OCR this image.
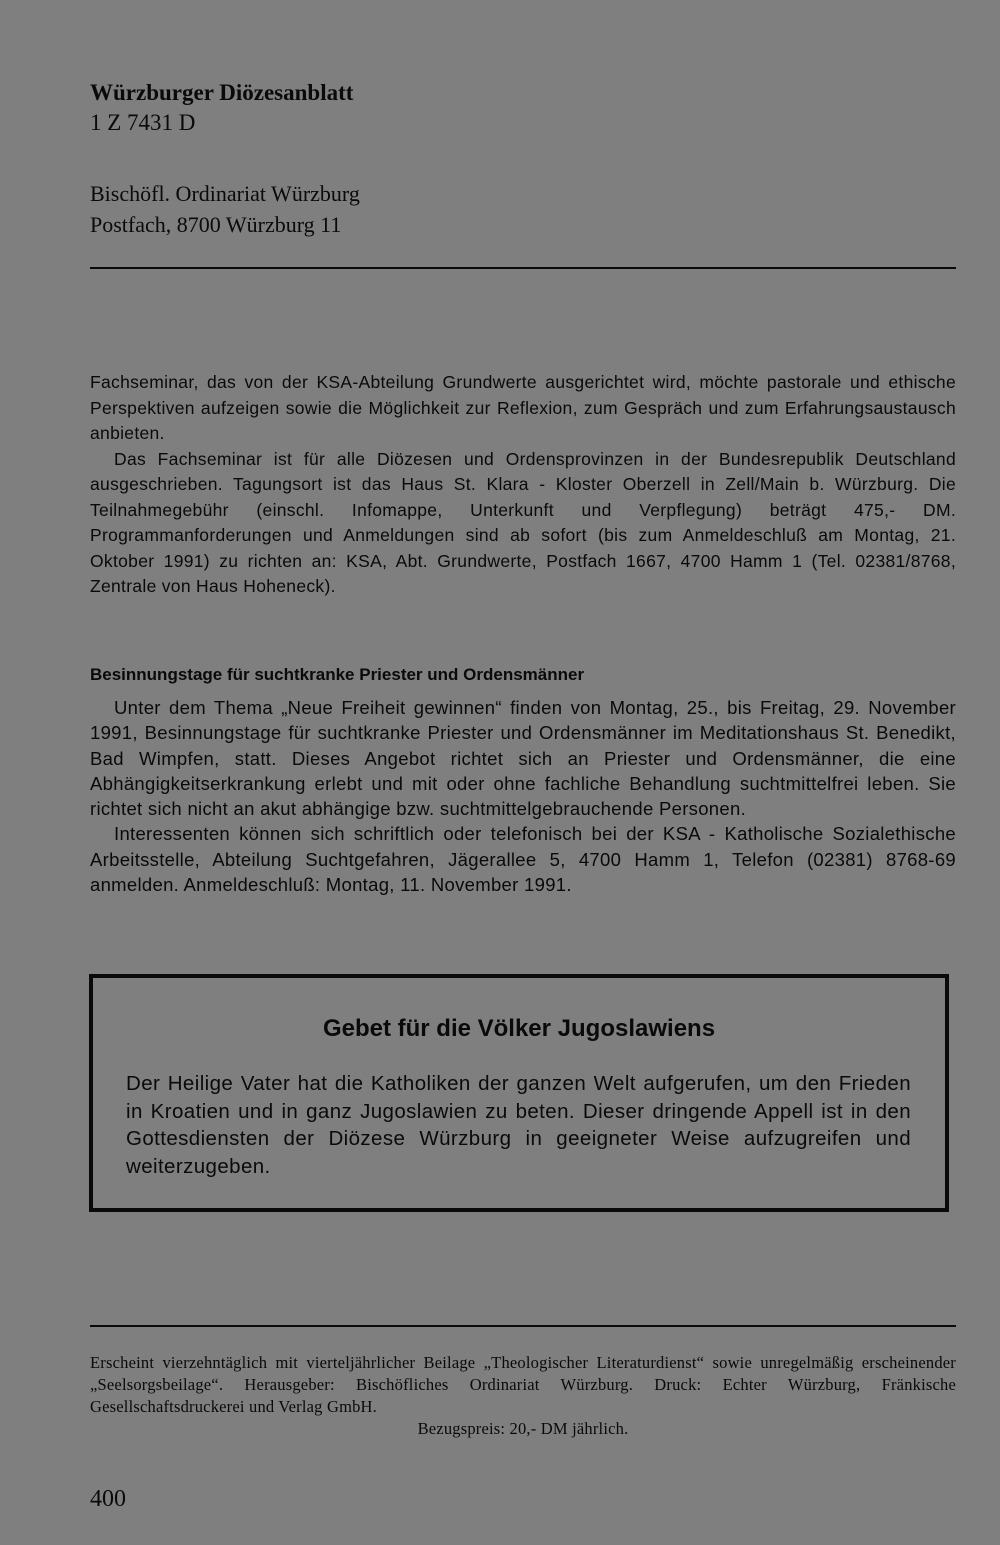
Würzburger Diözesanblatt
1 Z 7431 D
Bischöfl. Ordinariat Würzburg
Postfach, 8700 Würzburg 11

Fachseminar, das von der KSA-Abteilung Grundwerte ausgerichtet wird, möchte pastorale und ethische Perspektiven aufzeigen sowie die Möglichkeit zur Reflexion, zum Gespräch und zum Erfahrungsaustausch anbieten.

Das Fachseminar ist für alle Diözesen und Ordensprovinzen in der Bundesrepublik Deutschland ausgeschrieben. Tagungsort ist das Haus St. Klara - Kloster Oberzell in Zell/Main b. Würzburg. Die Teilnahmegebühr (einschl. Infomappe, Unterkunft und Verpflegung) beträgt 475,- DM. Programmanforderungen und Anmeldungen sind ab sofort (bis zum Anmeldeschluß am Montag, 21. Oktober 1991) zu richten an: KSA, Abt. Grundwerte, Postfach 1667, 4700 Hamm 1 (Tel. 02381/8768, Zentrale von Haus Hoheneck).

Besinnungstage für suchtkranke Priester und Ordensmänner

Unter dem Thema „Neue Freiheit gewinnen“ finden von Montag, 25., bis Freitag, 29. November 1991, Besinnungstage für suchtkranke Priester und Ordensmänner im Meditationshaus St. Benedikt, Bad Wimpfen, statt. Dieses Angebot richtet sich an Priester und Ordensmänner, die eine Abhängigkeitserkrankung erlebt und mit oder ohne fachliche Behandlung suchtmittelfrei leben. Sie richtet sich nicht an akut abhängige bzw. suchtmittelgebrauchende Personen.

Interessenten können sich schriftlich oder telefonisch bei der KSA - Katholische Sozialethische Arbeitsstelle, Abteilung Suchtgefahren, Jägerallee 5, 4700 Hamm 1, Telefon (02381) 8768-69 anmelden. Anmeldeschluß: Montag, 11. November 1991.

Gebet für die Völker Jugoslawiens
Der Heilige Vater hat die Katholiken der ganzen Welt aufgerufen, um den Frieden in Kroatien und in ganz Jugoslawien zu beten. Dieser dringende Appell ist in den Gottesdiensten der Diözese Würzburg in geeigneter Weise aufzugreifen und weiterzugeben.
Erscheint vierzehntäglich mit vierteljährlicher Beilage „Theologischer Literaturdienst“ sowie unregelmäßig erscheinender „Seelsorgsbeilage“. Herausgeber: Bischöfliches Ordinariat Würzburg. Druck: Echter Würzburg, Fränkische Gesellschaftsdruckerei und Verlag GmbH.
Bezugspreis: 20,- DM jährlich.
400
